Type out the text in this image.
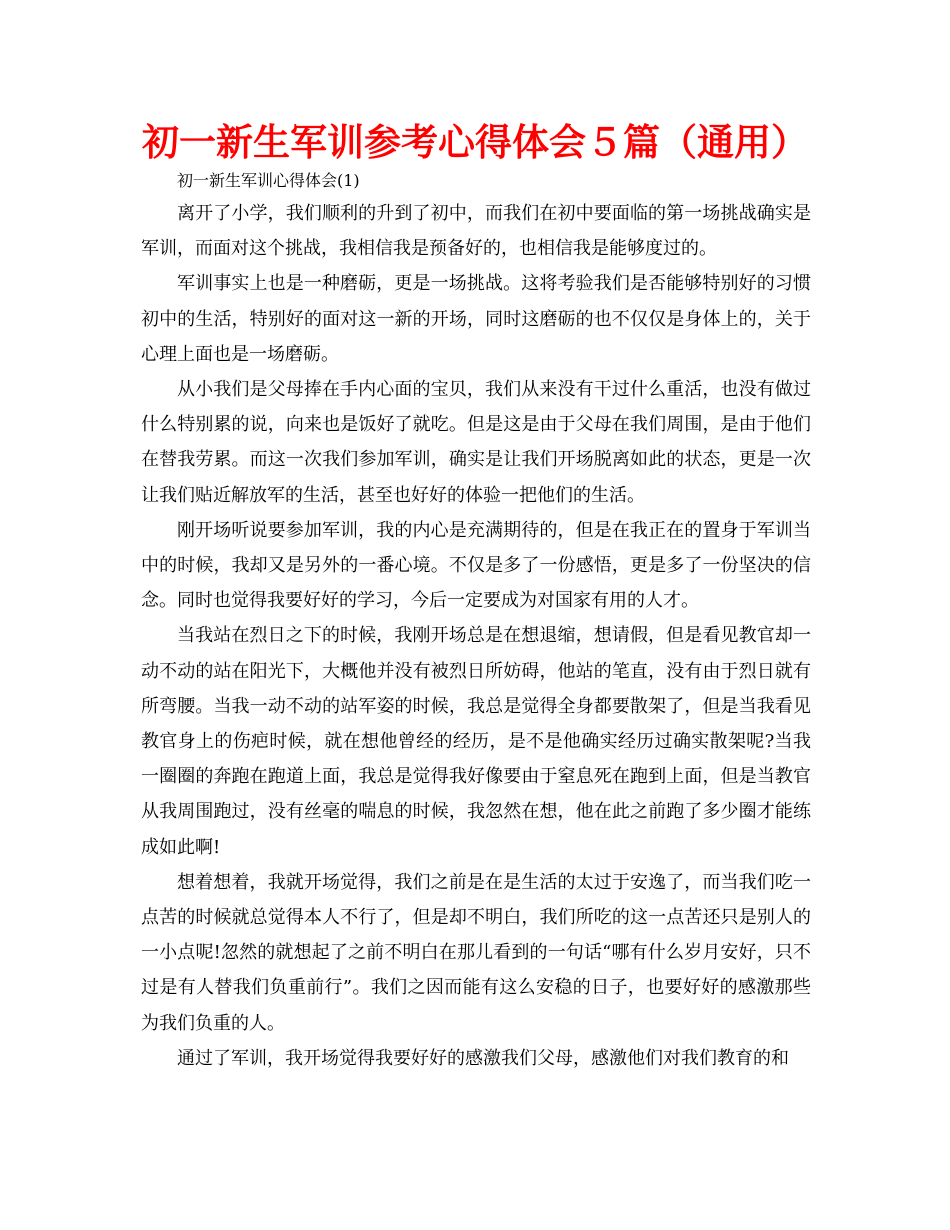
初一新生军训参考心得体会５篇（通用）

初一新生军训心得体会(1)

离开了小学，我们顺利的升到了初中，而我们在初中要面临的第一场挑战确实是军训，而面对这个挑战，我相信我是预备好的，也相信我是能够度过的。

军训事实上也是一种磨砺，更是一场挑战。这将考验我们是否能够特别好的习惯初中的生活，特别好的面对这一新的开场，同时这磨砺的也不仅仅是身体上的，关于心理上面也是一场磨砺。

从小我们是父母捧在手内心面的宝贝，我们从来没有干过什么重活，也没有做过什么特别累的说，向来也是饭好了就吃。但是这是由于父母在我们周围，是由于他们在替我劳累。而这一次我们参加军训，确实是让我们开场脱离如此的状态，更是一次让我们贴近解放军的生活，甚至也好好的体验一把他们的生活。

刚开场听说要参加军训，我的内心是充满期待的，但是在我正在的置身于军训当中的时候，我却又是另外的一番心境。不仅是多了一份感悟，更是多了一份坚决的信念。同时也觉得我要好好的学习，今后一定要成为对国家有用的人才。

当我站在烈日之下的时候，我刚开场总是在想退缩，想请假，但是看见教官却一动不动的站在阳光下，大概他并没有被烈日所妨碍，他站的笔直，没有由于烈日就有所弯腰。当我一动不动的站军姿的时候，我总是觉得全身都要散架了，但是当我看见教官身上的伤疤时候，就在想他曾经的经历，是不是他确实经历过确实散架呢?当我一圈圈的奔跑在跑道上面，我总是觉得我好像要由于窒息死在跑到上面，但是当教官从我周围跑过，没有丝毫的喘息的时候，我忽然在想，他在此之前跑了多少圈才能练成如此啊!

想着想着，我就开场觉得，我们之前是在是生活的太过于安逸了，而当我们吃一点苦的时候就总觉得本人不行了，但是却不明白，我们所吃的这一点苦还只是别人的一小点呢!忽然的就想起了之前不明白在那儿看到的一句话“哪有什么岁月安好，只不过是有人替我们负重前行”。我们之因而能有这么安稳的日子，也要好好的感激那些为我们负重的人。

通过了军训，我开场觉得我要好好的感激我们父母，感激他们对我们教育的和
